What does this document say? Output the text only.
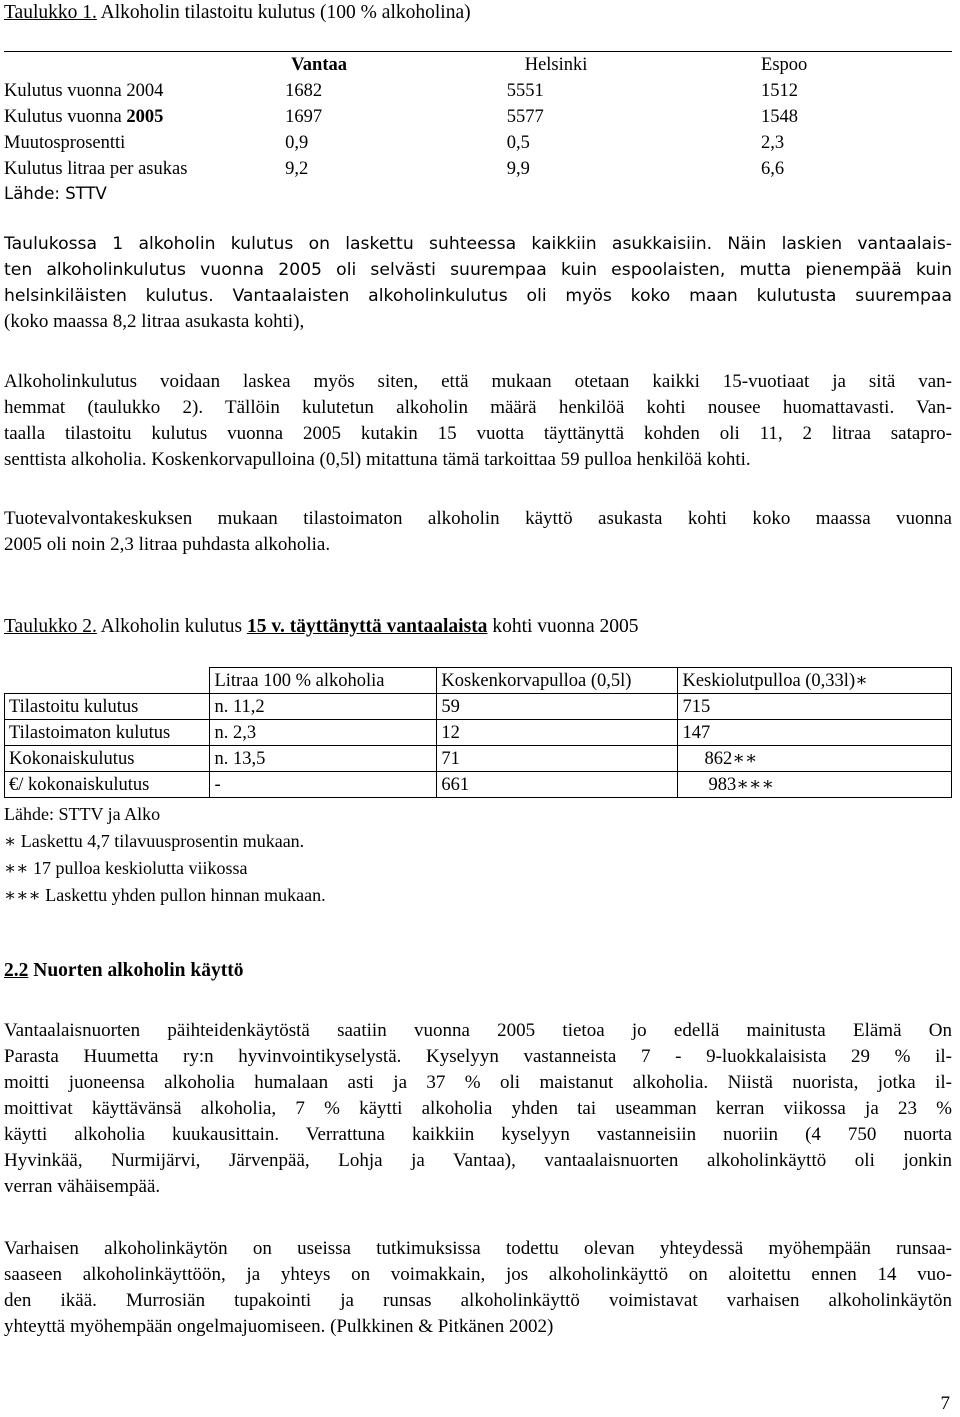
Taulukko 1. Alkoholin tilastoitu kulutus (100 % alkoholina)
	Vantaa	Helsinki	Espoo
Kulutus vuonna 2004	1682	5551	1512
Kulutus vuonna 2005	1697	5577	1548
Muutosprosentti	0,9	0,5	2,3
Kulutus litraa per asukas	9,2	9,9	6,6
Lähde: STTV
Taulukossa 1 alkoholin kulutus on laskettu suhteessa kaikkiin asukkaisiin. Näin laskien vantaalais-
ten alkoholinkulutus vuonna 2005 oli selvästi suurempaa kuin espoolaisten, mutta pienempää kuin
helsinkiläisten kulutus. Vantaalaisten alkoholinkulutus oli myös koko maan kulutusta suurempaa
(koko maassa 8,2 litraa asukasta kohti),
Alkoholinkulutus voidaan laskea myös siten, että mukaan otetaan kaikki 15-vuotiaat ja sitä van-
hemmat (taulukko 2). Tällöin kulutetun alkoholin määrä henkilöä kohti nousee huomattavasti. Van-
taalla tilastoitu kulutus vuonna 2005 kutakin 15 vuotta täyttänyttä kohden oli 11, 2 litraa satapro-
senttista alkoholia. Koskenkorvapulloina (0,5l) mitattuna tämä tarkoittaa 59 pulloa henkilöä kohti.
Tuotevalvontakeskuksen mukaan tilastoimaton alkoholin käyttö asukasta kohti koko maassa vuonna
2005 oli noin 2,3 litraa puhdasta alkoholia.
Taulukko 2. Alkoholin kulutus 15 v. täyttänyttä vantaalaista kohti vuonna 2005
	Litraa 100 % alkoholia	Koskenkorvapulloa (0,5l)	Keskiolutpulloa (0,33l)∗
Tilastoitu kulutus	n. 11,2	59	715
Tilastoimaton kulutus	n. 2,3	12	147
Kokonaiskulutus	n. 13,5	71	862∗∗
€/ kokonaiskulutus	-	661	983∗∗∗
Lähde: STTV ja Alko
∗ Laskettu 4,7 tilavuusprosentin mukaan.
∗∗ 17 pulloa keskiolutta viikossa
∗∗∗ Laskettu yhden pullon hinnan mukaan.
2.2 Nuorten alkoholin käyttö
Vantaalaisnuorten päihteidenkäytöstä saatiin vuonna 2005 tietoa jo edellä mainitusta Elämä On
Parasta Huumetta ry:n hyvinvointikyselystä. Kyselyyn vastanneista 7 - 9-luokkalaisista 29 % il-
moitti juoneensa alkoholia humalaan asti ja 37 % oli maistanut alkoholia. Niistä nuorista, jotka il-
moittivat käyttävänsä alkoholia, 7 % käytti alkoholia yhden tai useamman kerran viikossa ja 23 %
käytti alkoholia kuukausittain. Verrattuna kaikkiin kyselyyn vastanneisiin nuoriin (4 750 nuorta
Hyvinkää, Nurmijärvi, Järvenpää, Lohja ja Vantaa), vantaalaisnuorten alkoholinkäyttö oli jonkin
verran vähäisempää.
Varhaisen alkoholinkäytön on useissa tutkimuksissa todettu olevan yhteydessä myöhempään runsaa-
saaseen alkoholinkäyttöön, ja yhteys on voimakkain, jos alkoholinkäyttö on aloitettu ennen 14 vuo-
den ikää. Murrosiän tupakointi ja runsas alkoholinkäyttö voimistavat varhaisen alkoholinkäytön
yhteyttä myöhempään ongelmajuomiseen. (Pulkkinen & Pitkänen 2002)
7
